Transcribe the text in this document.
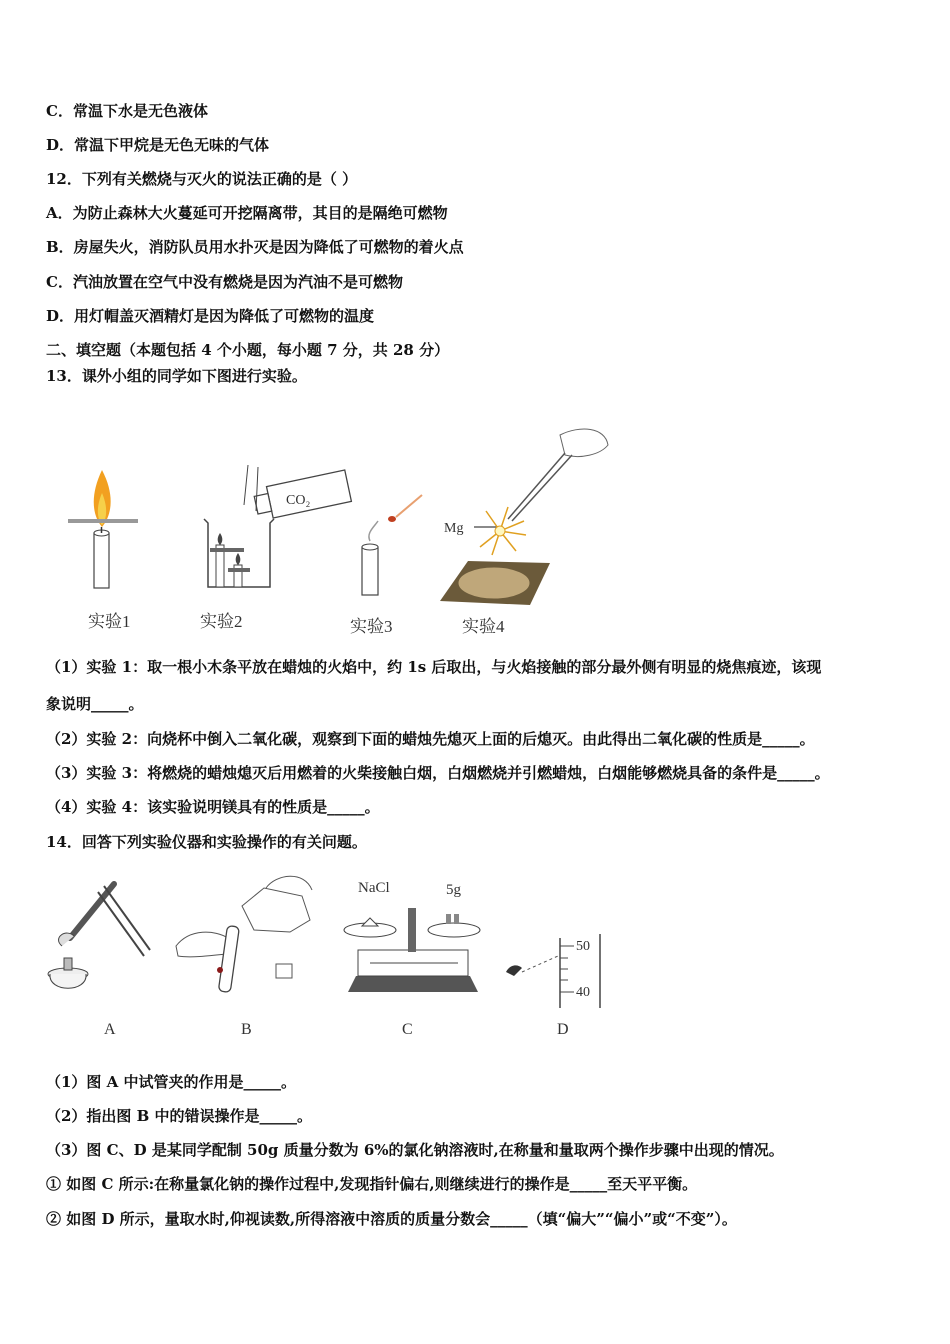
C．常温下水是无色液体
D．常温下甲烷是无色无味的气体
12．下列有关燃烧与灭火的说法正确的是（ ）
A．为防止森林大火蔓延可开挖隔离带，其目的是隔绝可燃物
B．房屋失火，消防队员用水扑灭是因为降低了可燃物的着火点
C．汽油放置在空气中没有燃烧是因为汽油不是可燃物
D．用灯帽盖灭酒精灯是因为降低了可燃物的温度
二、填空题（本题包括 4 个小题，每小题 7 分，共 28 分）
13．课外小组的同学如下图进行实验。
实验1
CO₂
实验2	实验3
Mg
实验4
（1）实验 1：取一根小木条平放在蜡烛的火焰中，约 1s 后取出，与火焰接触的部分最外侧有明显的烧焦痕迹，该现
象说明_____。
（2）实验 2：向烧杯中倒入二氧化碳，观察到下面的蜡烛先熄灭上面的后熄灭。由此得出二氧化碳的性质是_____。
（3）实验 3：将燃烧的蜡烛熄灭后用燃着的火柴接触白烟，白烟燃烧并引燃蜡烛，白烟能够燃烧具备的条件是_____。
（4）实验 4：该实验说明镁具有的性质是_____。
14．回答下列实验仪器和实验操作的有关问题。
A	B
NaCl	5g
C
50
40
D
（1）图 A 中试管夹的作用是_____。
（2）指出图 B 中的错误操作是_____。
（3）图 C、D 是某同学配制 50g 质量分数为 6%的氯化钠溶液时,在称量和量取两个操作步骤中出现的情况。
① 如图 C 所示:在称量氯化钠的操作过程中,发现指针偏右,则继续进行的操作是_____至天平平衡。
② 如图 D 所示，量取水时,仰视读数,所得溶液中溶质的质量分数会_____（填“偏大”“偏小”或“不变”）。
